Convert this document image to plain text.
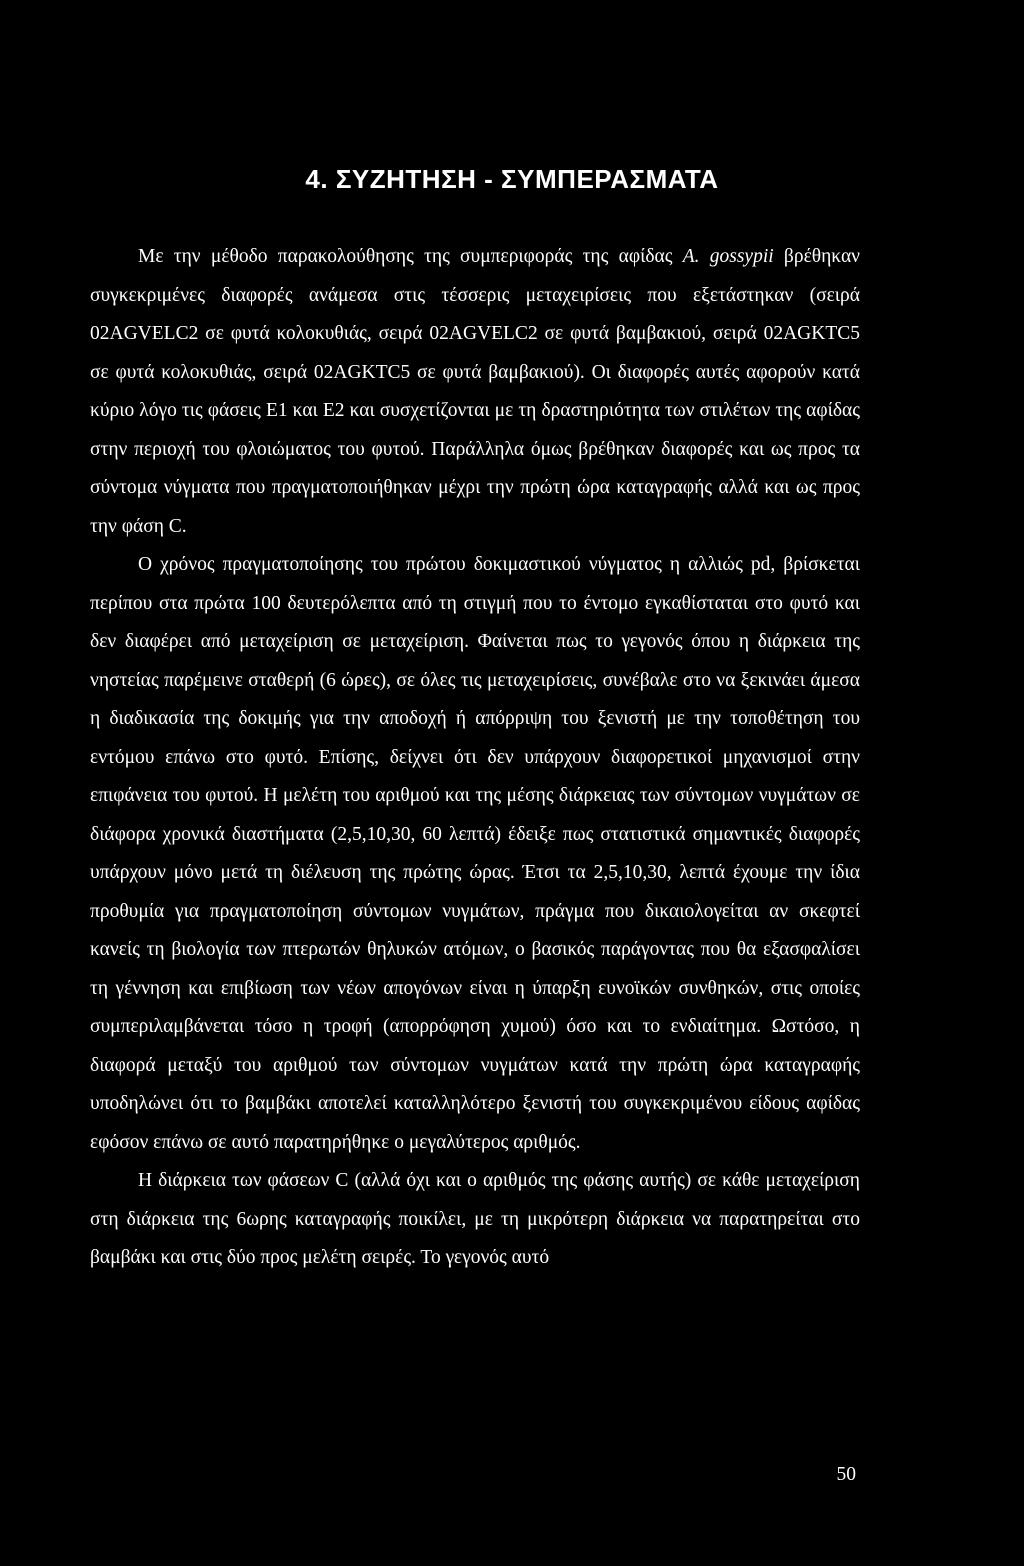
4. ΣΥΖΗΤΗΣΗ - ΣΥΜΠΕΡΑΣΜΑΤΑ

Με την μέθοδο παρακολούθησης της συμπεριφοράς της αφίδας A. gossypii βρέθηκαν συγκεκριμένες διαφορές ανάμεσα στις τέσσερις μεταχειρίσεις που εξετάστηκαν (σειρά 02AGVELC2 σε φυτά κολοκυθιάς, σειρά 02AGVELC2 σε φυτά βαμβακιού, σειρά 02AGKTC5 σε φυτά κολοκυθιάς, σειρά 02AGKTC5 σε φυτά βαμβακιού). Οι διαφορές αυτές αφορούν κατά κύριο λόγο τις φάσεις E1 και E2 και συσχετίζονται με τη δραστηριότητα των στιλέτων της αφίδας στην περιοχή του φλοιώματος του φυτού. Παράλληλα όμως βρέθηκαν διαφορές και ως προς τα σύντομα νύγματα που πραγματοποιήθηκαν μέχρι την πρώτη ώρα καταγραφής αλλά και ως προς την φάση C.

Ο χρόνος πραγματοποίησης του πρώτου δοκιμαστικού νύγματος η αλλιώς pd, βρίσκεται περίπου στα πρώτα 100 δευτερόλεπτα από τη στιγμή που το έντομο εγκαθίσταται στο φυτό και δεν διαφέρει από μεταχείριση σε μεταχείριση. Φαίνεται πως το γεγονός όπου η διάρκεια της νηστείας παρέμεινε σταθερή (6 ώρες), σε όλες τις μεταχειρίσεις, συνέβαλε στο να ξεκινάει άμεσα η διαδικασία της δοκιμής για την αποδοχή ή απόρριψη του ξενιστή με την τοποθέτηση του εντόμου επάνω στο φυτό. Επίσης, δείχνει ότι δεν υπάρχουν διαφορετικοί μηχανισμοί στην επιφάνεια του φυτού. Η μελέτη του αριθμού και της μέσης διάρκειας των σύντομων νυγμάτων σε διάφορα χρονικά διαστήματα (2,5,10,30, 60 λεπτά) έδειξε πως στατιστικά σημαντικές διαφορές υπάρχουν μόνο μετά τη διέλευση της πρώτης ώρας. Έτσι τα 2,5,10,30, λεπτά έχουμε την ίδια προθυμία για πραγματοποίηση σύντομων νυγμάτων, πράγμα που δικαιολογείται αν σκεφτεί κανείς τη βιολογία των πτερωτών θηλυκών ατόμων, ο βασικός παράγοντας που θα εξασφαλίσει τη γέννηση και επιβίωση των νέων απογόνων είναι η ύπαρξη ευνοϊκών συνθηκών, στις οποίες συμπεριλαμβάνεται τόσο η τροφή (απορρόφηση χυμού) όσο και το ενδιαίτημα. Ωστόσο, η διαφορά μεταξύ του αριθμού των σύντομων νυγμάτων κατά την πρώτη ώρα καταγραφής υποδηλώνει ότι το βαμβάκι αποτελεί καταλληλότερο ξενιστή του συγκεκριμένου είδους αφίδας εφόσον επάνω σε αυτό παρατηρήθηκε ο μεγαλύτερος αριθμός.

Η διάρκεια των φάσεων C (αλλά όχι και ο αριθμός της φάσης αυτής) σε κάθε μεταχείριση στη διάρκεια της 6ωρης καταγραφής ποικίλει, με τη μικρότερη διάρκεια να παρατηρείται στο βαμβάκι και στις δύο προς μελέτη σειρές. Το γεγονός αυτό

50
